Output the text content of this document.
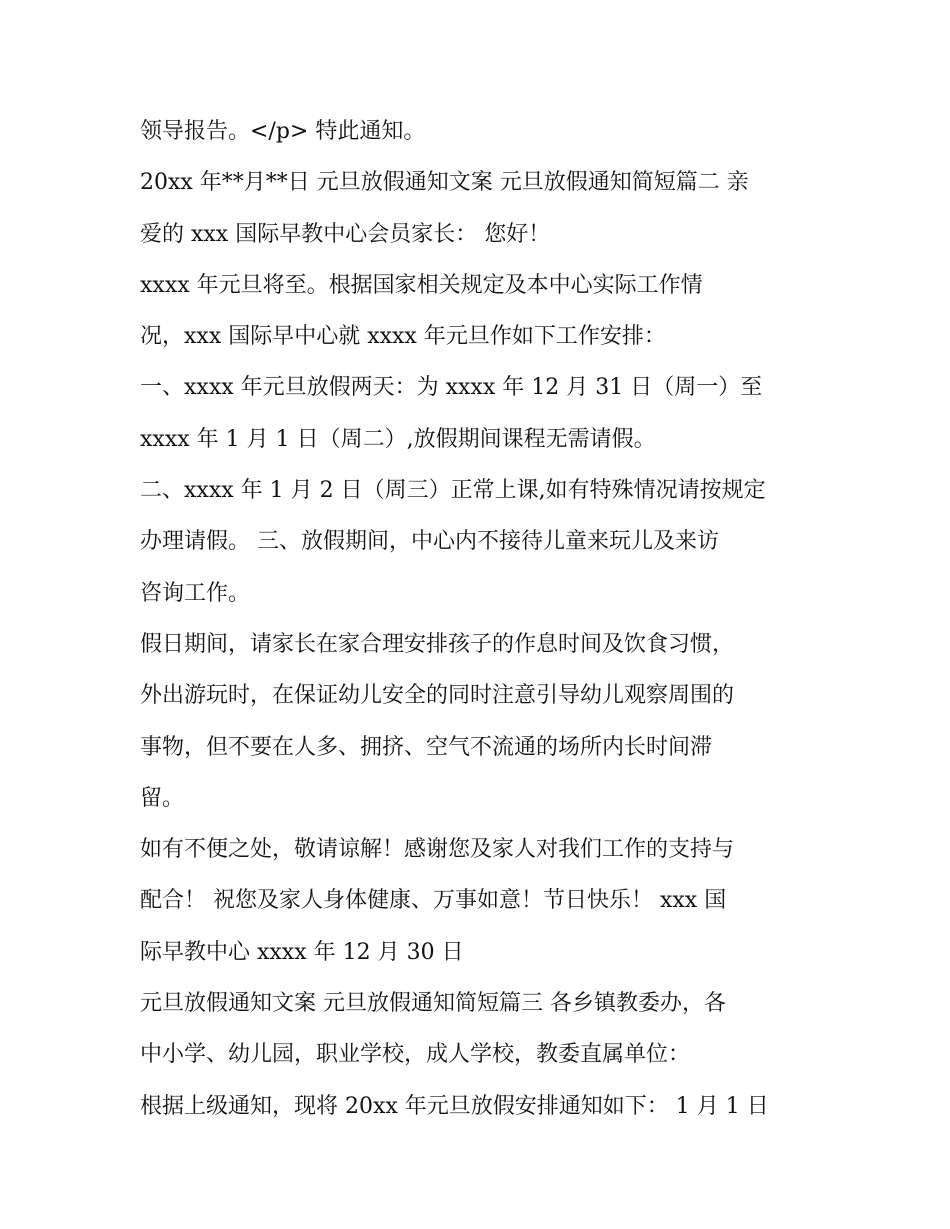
领导报告。</p> 特此通知。
20xx 年**月**日 元旦放假通知文案 元旦放假通知简短篇二 亲
爱的 xxx 国际早教中心会员家长： 您好！
xxxx 年元旦将至。根据国家相关规定及本中心实际工作情
况，xxx 国际早中心就 xxxx 年元旦作如下工作安排：
一、xxxx 年元旦放假两天：为 xxxx 年 12 月 31 日（周一）至
xxxx 年 1 月 1 日（周二）,放假期间课程无需请假。
二、xxxx 年 1 月 2 日（周三）正常上课,如有特殊情况请按规定
办理请假。 三、放假期间，中心内不接待儿童来玩儿及来访
咨询工作。
假日期间，请家长在家合理安排孩子的作息时间及饮食习惯，
外出游玩时，在保证幼儿安全的同时注意引导幼儿观察周围的
事物，但不要在人多、拥挤、空气不流通的场所内长时间滞
留。
如有不便之处，敬请谅解！感谢您及家人对我们工作的支持与
配合！ 祝您及家人身体健康、万事如意！节日快乐！ xxx 国
际早教中心 xxxx 年 12 月 30 日
元旦放假通知文案 元旦放假通知简短篇三 各乡镇教委办，各
中小学、幼儿园，职业学校，成人学校，教委直属单位：
根据上级通知，现将 20xx 年元旦放假安排通知如下： 1 月 1 日
